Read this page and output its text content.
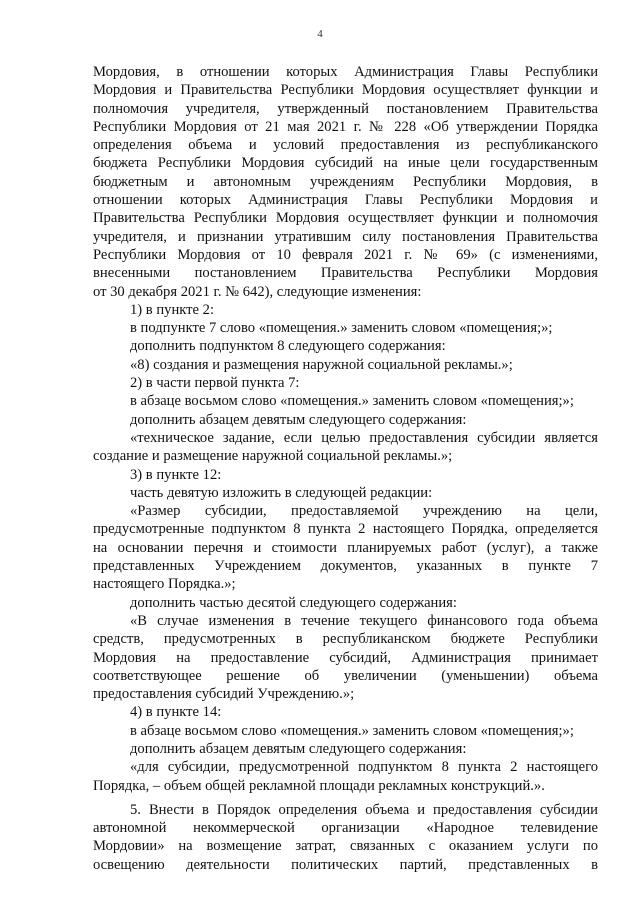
4

Мордовия, в отношении которых Администрация Главы Республики

Мордовия и Правительства Республики Мордовия осуществляет функции и

полномочия учредителя, утвержденный постановлением Правительства

Республики Мордовия от 21 мая 2021 г. № 228 «Об утверждении Порядка

определения объема и условий предоставления из республиканского

бюджета Республики Мордовия субсидий на иные цели государственным

бюджетным и автономным учреждениям Республики Мордовия, в

отношении которых Администрация Главы Республики Мордовия и

Правительства Республики Мордовия осуществляет функции и полномочия

учредителя, и признании утратившим силу постановления Правительства

Республики Мордовия от 10 февраля 2021 г. № 69» (с изменениями,

внесенными постановлением Правительства Республики Мордовия

от 30 декабря 2021 г. № 642), следующие изменения:

1) в пункте 2:

в подпункте 7 слово «помещения.» заменить словом «помещения;»;

дополнить подпунктом 8 следующего содержания:

«8) создания и размещения наружной социальной рекламы.»;

2) в части первой пункта 7:

в абзаце восьмом слово «помещения.» заменить словом «помещения;»;

дополнить абзацем девятым следующего содержания:

«техническое задание, если целью предоставления субсидии является

создание и размещение наружной социальной рекламы.»;

3) в пункте 12:

часть девятую изложить в следующей редакции:

«Размер субсидии, предоставляемой учреждению на цели,

предусмотренные подпунктом 8 пункта 2 настоящего Порядка, определяется

на основании перечня и стоимости планируемых работ (услуг), а также

представленных Учреждением документов, указанных в пункте 7

настоящего Порядка.»;

дополнить частью десятой следующего содержания:

«В случае изменения в течение текущего финансового года объема

средств, предусмотренных в республиканском бюджете Республики

Мордовия на предоставление субсидий, Администрация принимает

соответствующее решение об увеличении (уменьшении) объема

предоставления субсидий Учреждению.»;

4) в пункте 14:

в абзаце восьмом слово «помещения.» заменить словом «помещения;»;

дополнить абзацем девятым следующего содержания:

«для субсидии, предусмотренной подпунктом 8 пункта 2 настоящего

Порядка, – объем общей рекламной площади рекламных конструкций.».

5. Внести в Порядок определения объема и предоставления субсидии

автономной некоммерческой организации «Народное телевидение

Мордовии» на возмещение затрат, связанных с оказанием услуги по

освещению деятельности политических партий, представленных в
